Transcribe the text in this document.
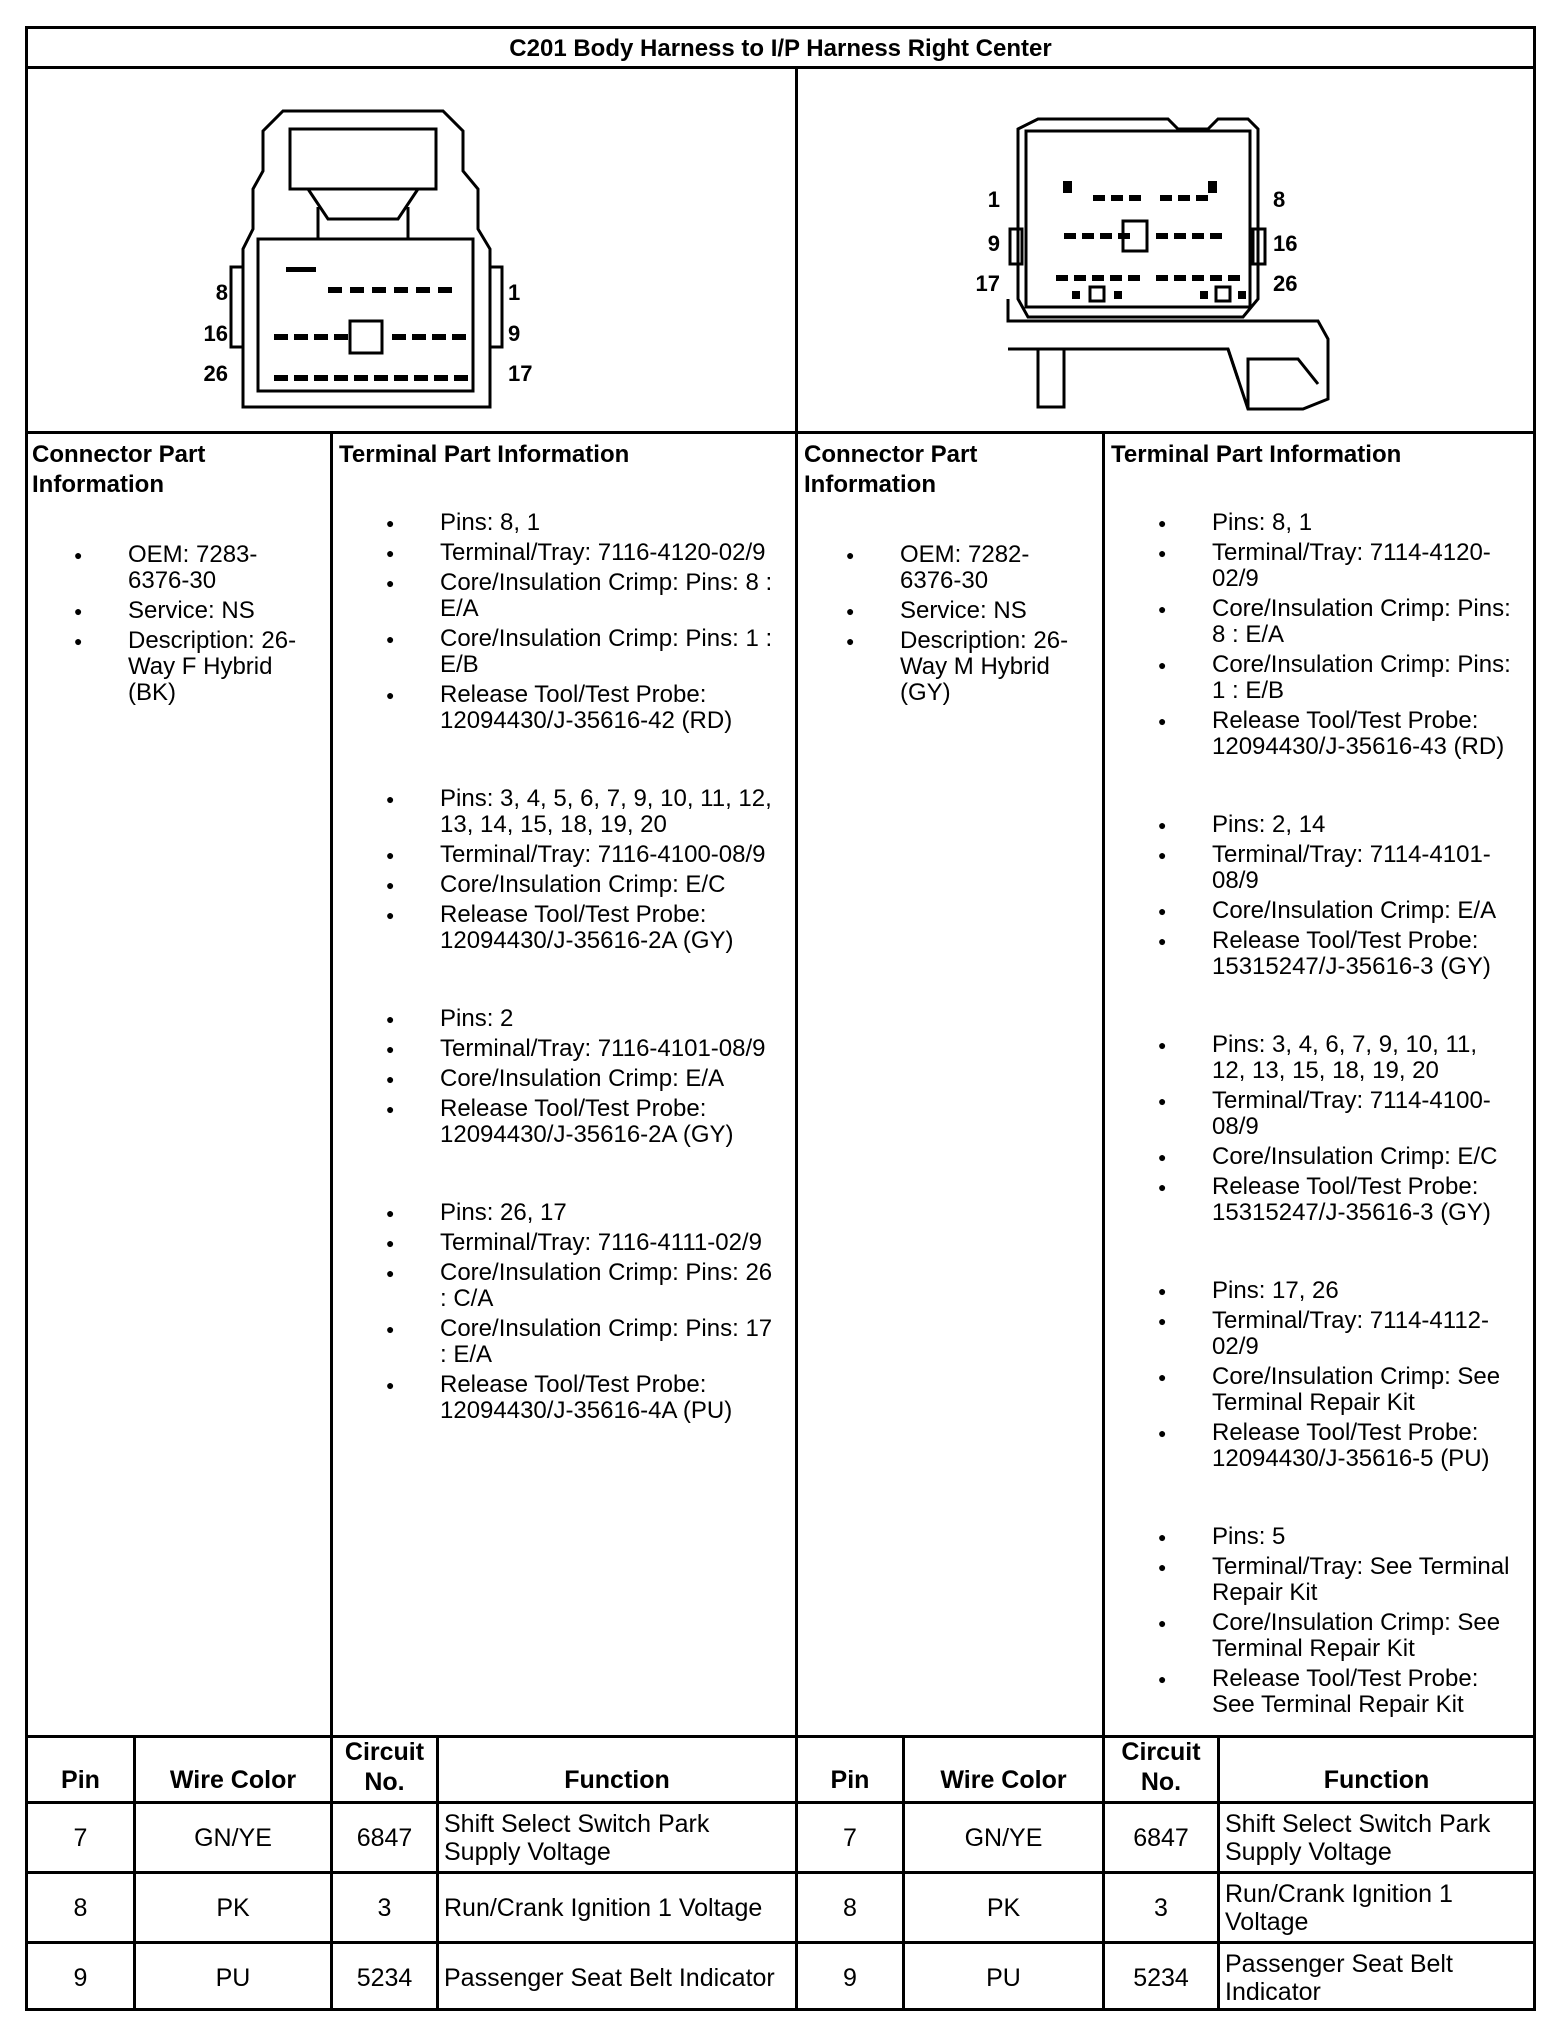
C201 Body Harness to I/P Harness Right Center
8
16
26
1
9
17
1
9
17
8
16
26
Connector Part
Information
● OEM: 7283-
6376-30
● Service: NS
● Description: 26-
Way F Hybrid
(BK)
Terminal Part Information
● Pins: 8, 1
● Terminal/Tray: 7116-4120-02/9
● Core/Insulation Crimp: Pins: 8 :
E/A
● Core/Insulation Crimp: Pins: 1 :
E/B
● Release Tool/Test Probe:
12094430/J-35616-42 (RD)
● Pins: 3, 4, 5, 6, 7, 9, 10, 11, 12,
13, 14, 15, 18, 19, 20
● Terminal/Tray: 7116-4100-08/9
● Core/Insulation Crimp: E/C
● Release Tool/Test Probe:
12094430/J-35616-2A (GY)
● Pins: 2
● Terminal/Tray: 7116-4101-08/9
● Core/Insulation Crimp: E/A
● Release Tool/Test Probe:
12094430/J-35616-2A (GY)
● Pins: 26, 17
● Terminal/Tray: 7116-4111-02/9
● Core/Insulation Crimp: Pins: 26
: C/A
● Core/Insulation Crimp: Pins: 17
: E/A
● Release Tool/Test Probe:
12094430/J-35616-4A (PU)
Connector Part
Information
● OEM: 7282-
6376-30
● Service: NS
● Description: 26-
Way M Hybrid
(GY)
Terminal Part Information
● Pins: 8, 1
● Terminal/Tray: 7114-4120-
02/9
● Core/Insulation Crimp: Pins:
8 : E/A
● Core/Insulation Crimp: Pins:
1 : E/B
● Release Tool/Test Probe:
12094430/J-35616-43 (RD)
● Pins: 2, 14
● Terminal/Tray: 7114-4101-
08/9
● Core/Insulation Crimp: E/A
● Release Tool/Test Probe:
15315247/J-35616-3 (GY)
● Pins: 3, 4, 6, 7, 9, 10, 11,
12, 13, 15, 18, 19, 20
● Terminal/Tray: 7114-4100-
08/9
● Core/Insulation Crimp: E/C
● Release Tool/Test Probe:
15315247/J-35616-3 (GY)
● Pins: 17, 26
● Terminal/Tray: 7114-4112-
02/9
● Core/Insulation Crimp: See
Terminal Repair Kit
● Release Tool/Test Probe:
12094430/J-35616-5 (PU)
● Pins: 5
● Terminal/Tray: See Terminal
Repair Kit
● Core/Insulation Crimp: See
Terminal Repair Kit
● Release Tool/Test Probe:
See Terminal Repair Kit
Pin	Wire Color
Circuit
No.	Function	Pin	Wire Color
Circuit
No.	Function
7	GN/YE	6847	Shift Select Switch Park
Supply Voltage
8	PK	3	Run/Crank Ignition 1 Voltage
9	PU	5234	Passenger Seat Belt Indicator
7	GN/YE	6847	Shift Select Switch Park
Supply Voltage
8	PK	3	Run/Crank Ignition 1
Voltage
9	PU	5234	Passenger Seat Belt
Indicator
